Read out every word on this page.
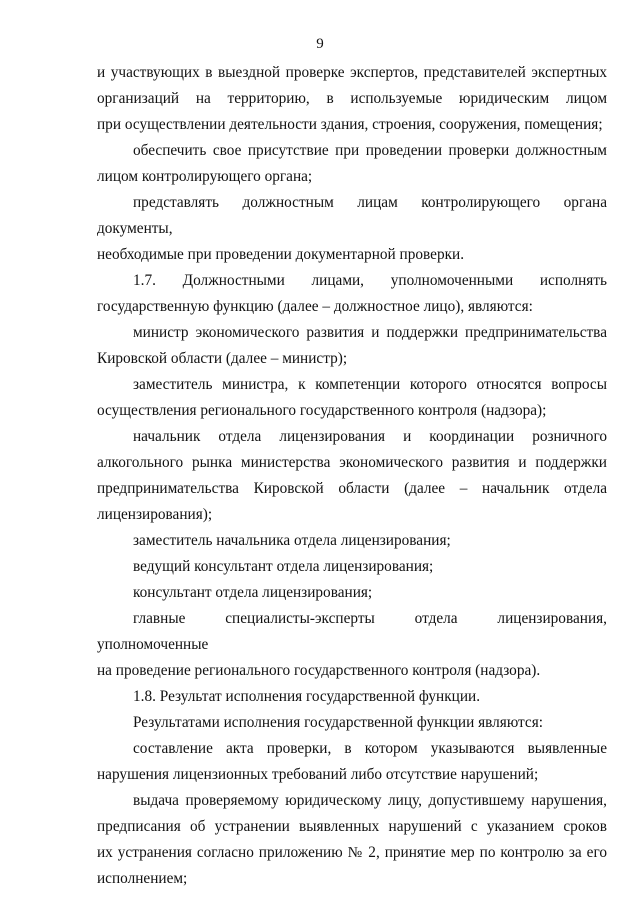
9
и участвующих в выездной проверке экспертов, представителей экспертных
организаций на территорию, в используемые юридическим лицом
при осуществлении деятельности здания, строения, сооружения, помещения;
обеспечить свое присутствие при проведении проверки должностным
лицом контролирующего органа;
представлять должностным лицам контролирующего органа документы,
необходимые при проведении документарной проверки.
1.7. Должностными лицами, уполномоченными исполнять
государственную функцию (далее – должностное лицо), являются:
министр экономического развития и поддержки предпринимательства
Кировской области (далее – министр);
заместитель министра, к компетенции которого относятся вопросы
осуществления регионального государственного контроля (надзора);
начальник отдела лицензирования и координации розничного
алкогольного рынка министерства экономического развития и поддержки
предпринимательства Кировской области (далее – начальник отдела
лицензирования);
заместитель начальника отдела лицензирования;
ведущий консультант отдела лицензирования;
консультант отдела лицензирования;
главные специалисты-эксперты отдела лицензирования, уполномоченные
на проведение регионального государственного контроля (надзора).
1.8. Результат исполнения государственной функции.
Результатами исполнения государственной функции являются:
составление акта проверки, в котором указываются выявленные
нарушения лицензионных требований либо отсутствие нарушений;
выдача проверяемому юридическому лицу, допустившему нарушения,
предписания об устранении выявленных нарушений с указанием сроков
их устранения согласно приложению № 2, принятие мер по контролю за его
исполнением;
